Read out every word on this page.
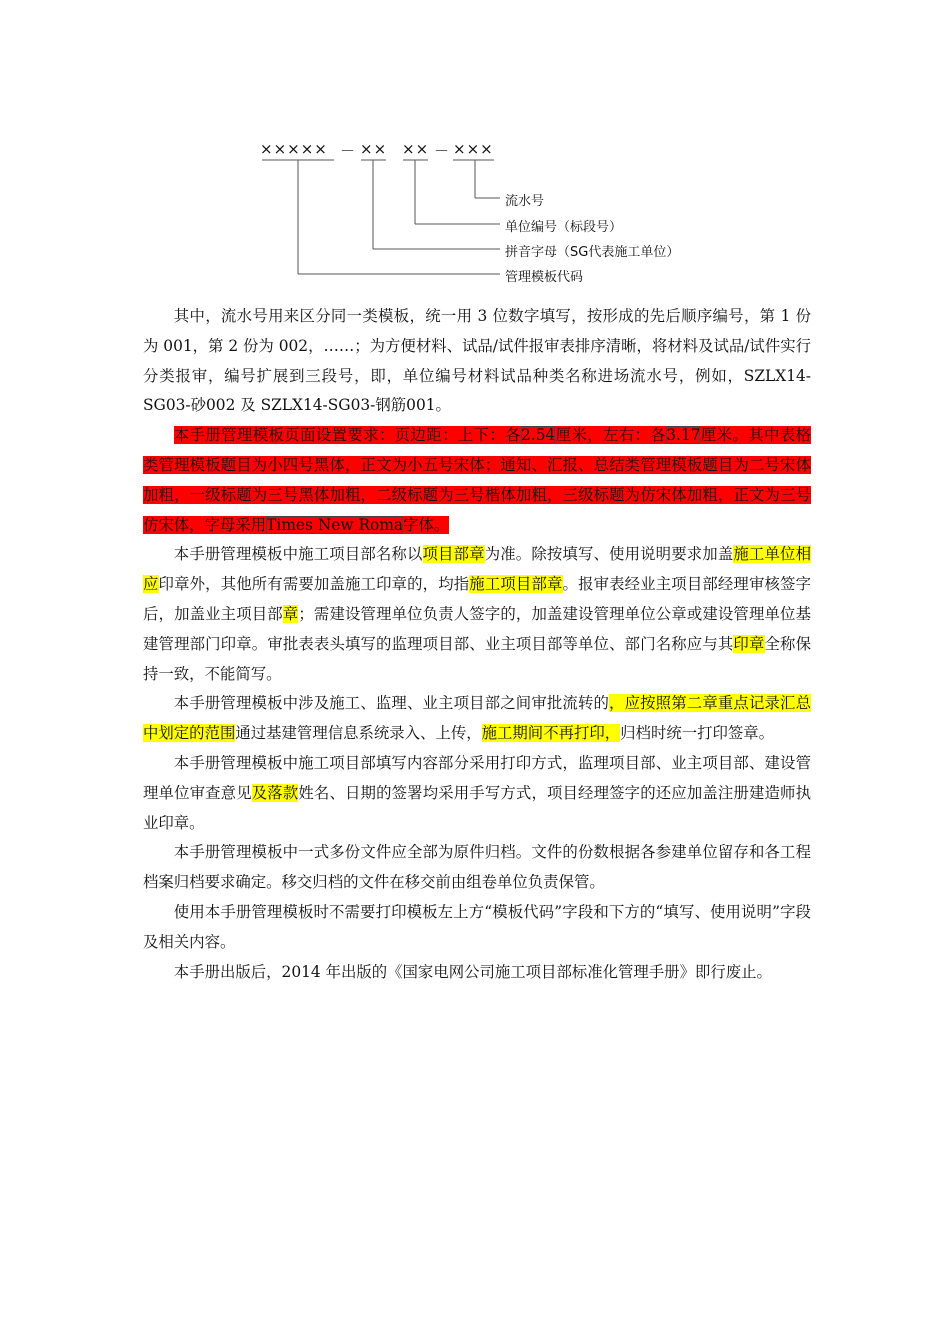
××××× － ×× ×× － ×××
流水号
单位编号（标段号）
拼音字母（SG代表施工单位）
管理模板代码

其中，流水号用来区分同一类模板，统一用 3 位数字填写，按形成的先后顺序编号，第 1 份为 001，第 2 份为 002，……；为方便材料、试品/试件报审表排序清晰，将材料及试品/试件实行分类报审，编号扩展到三段号，即，单位编号材料试品种类名称进场流水号，例如，SZLX14-SG03-砂002 及 SZLX14-SG03-钢筋001。

本手册管理模板页面设置要求：页边距：上下：各2.54厘米，左右：各3.17厘米。其中表格类管理模板题目为小四号黑体，正文为小五号宋体；通知、汇报、总结类管理模板题目为二号宋体加粗，一级标题为三号黑体加粗，二级标题为三号楷体加粗，三级标题为仿宋体加粗，正文为三号仿宋体，字母采用Times New Roma字体。

本手册管理模板中施工项目部名称以项目部章为准。除按填写、使用说明要求加盖施工单位相应印章外，其他所有需要加盖施工印章的，均指施工项目部章。报审表经业主项目部经理审核签字后，加盖业主项目部章；需建设管理单位负责人签字的，加盖建设管理单位公章或建设管理单位基建管理部门印章。审批表表头填写的监理项目部、业主项目部等单位、部门名称应与其印章全称保持一致，不能简写。

本手册管理模板中涉及施工、监理、业主项目部之间审批流转的，应按照第二章重点记录汇总中划定的范围通过基建管理信息系统录入、上传，施工期间不再打印，归档时统一打印签章。

本手册管理模板中施工项目部填写内容部分采用打印方式，监理项目部、业主项目部、建设管理单位审查意见及落款姓名、日期的签署均采用手写方式，项目经理签字的还应加盖注册建造师执业印章。

本手册管理模板中一式多份文件应全部为原件归档。文件的份数根据各参建单位留存和各工程档案归档要求确定。移交归档的文件在移交前由组卷单位负责保管。

使用本手册管理模板时不需要打印模板左上方“模板代码”字段和下方的“填写、使用说明”字段及相关内容。

本手册出版后，2014 年出版的《国家电网公司施工项目部标准化管理手册》即行废止。
